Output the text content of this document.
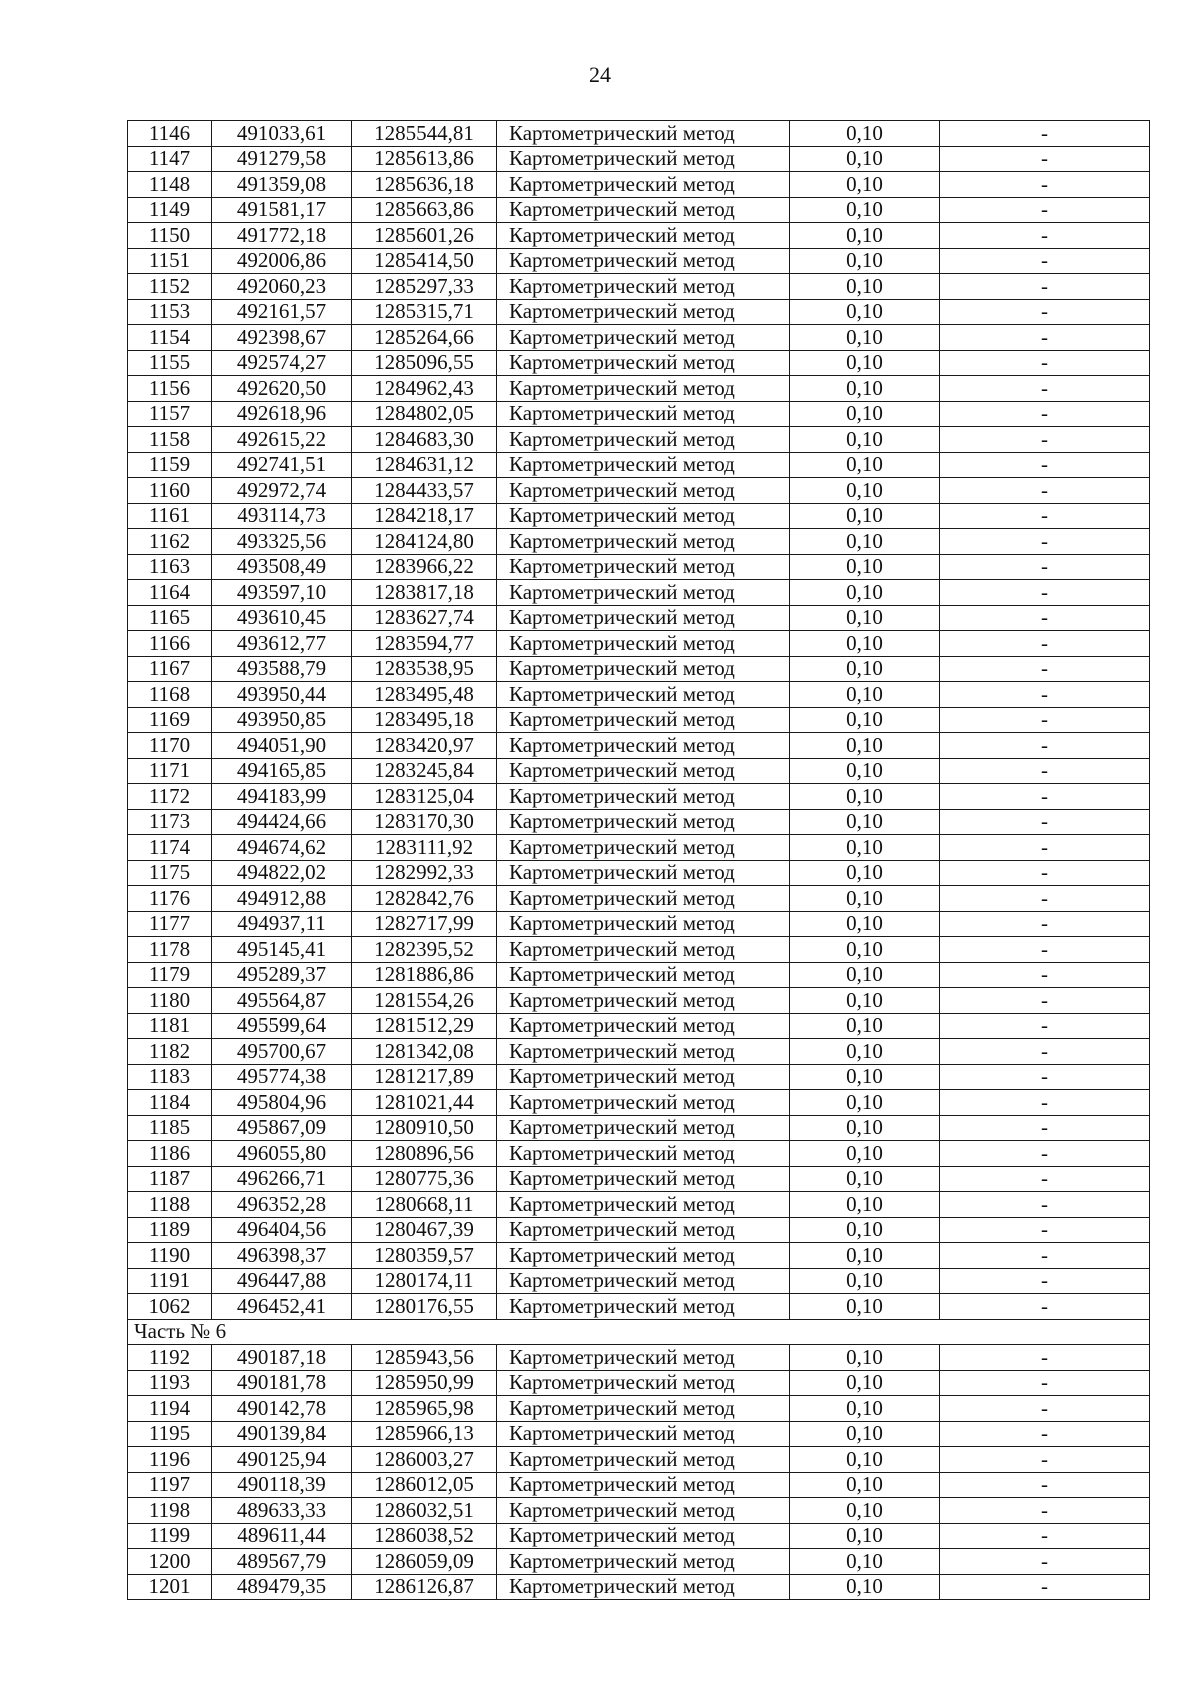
24
1146	491033,61	1285544,81	Картометрический метод	0,10	-
1147	491279,58	1285613,86	Картометрический метод	0,10	-
1148	491359,08	1285636,18	Картометрический метод	0,10	-
1149	491581,17	1285663,86	Картометрический метод	0,10	-
1150	491772,18	1285601,26	Картометрический метод	0,10	-
1151	492006,86	1285414,50	Картометрический метод	0,10	-
1152	492060,23	1285297,33	Картометрический метод	0,10	-
1153	492161,57	1285315,71	Картометрический метод	0,10	-
1154	492398,67	1285264,66	Картометрический метод	0,10	-
1155	492574,27	1285096,55	Картометрический метод	0,10	-
1156	492620,50	1284962,43	Картометрический метод	0,10	-
1157	492618,96	1284802,05	Картометрический метод	0,10	-
1158	492615,22	1284683,30	Картометрический метод	0,10	-
1159	492741,51	1284631,12	Картометрический метод	0,10	-
1160	492972,74	1284433,57	Картометрический метод	0,10	-
1161	493114,73	1284218,17	Картометрический метод	0,10	-
1162	493325,56	1284124,80	Картометрический метод	0,10	-
1163	493508,49	1283966,22	Картометрический метод	0,10	-
1164	493597,10	1283817,18	Картометрический метод	0,10	-
1165	493610,45	1283627,74	Картометрический метод	0,10	-
1166	493612,77	1283594,77	Картометрический метод	0,10	-
1167	493588,79	1283538,95	Картометрический метод	0,10	-
1168	493950,44	1283495,48	Картометрический метод	0,10	-
1169	493950,85	1283495,18	Картометрический метод	0,10	-
1170	494051,90	1283420,97	Картометрический метод	0,10	-
1171	494165,85	1283245,84	Картометрический метод	0,10	-
1172	494183,99	1283125,04	Картометрический метод	0,10	-
1173	494424,66	1283170,30	Картометрический метод	0,10	-
1174	494674,62	1283111,92	Картометрический метод	0,10	-
1175	494822,02	1282992,33	Картометрический метод	0,10	-
1176	494912,88	1282842,76	Картометрический метод	0,10	-
1177	494937,11	1282717,99	Картометрический метод	0,10	-
1178	495145,41	1282395,52	Картометрический метод	0,10	-
1179	495289,37	1281886,86	Картометрический метод	0,10	-
1180	495564,87	1281554,26	Картометрический метод	0,10	-
1181	495599,64	1281512,29	Картометрический метод	0,10	-
1182	495700,67	1281342,08	Картометрический метод	0,10	-
1183	495774,38	1281217,89	Картометрический метод	0,10	-
1184	495804,96	1281021,44	Картометрический метод	0,10	-
1185	495867,09	1280910,50	Картометрический метод	0,10	-
1186	496055,80	1280896,56	Картометрический метод	0,10	-
1187	496266,71	1280775,36	Картометрический метод	0,10	-
1188	496352,28	1280668,11	Картометрический метод	0,10	-
1189	496404,56	1280467,39	Картометрический метод	0,10	-
1190	496398,37	1280359,57	Картометрический метод	0,10	-
1191	496447,88	1280174,11	Картометрический метод	0,10	-
1062	496452,41	1280176,55	Картометрический метод	0,10	-
Часть № 6					
1192	490187,18	1285943,56	Картометрический метод	0,10	-
1193	490181,78	1285950,99	Картометрический метод	0,10	-
1194	490142,78	1285965,98	Картометрический метод	0,10	-
1195	490139,84	1285966,13	Картометрический метод	0,10	-
1196	490125,94	1286003,27	Картометрический метод	0,10	-
1197	490118,39	1286012,05	Картометрический метод	0,10	-
1198	489633,33	1286032,51	Картометрический метод	0,10	-
1199	489611,44	1286038,52	Картометрический метод	0,10	-
1200	489567,79	1286059,09	Картометрический метод	0,10	-
1201	489479,35	1286126,87	Картометрический метод	0,10	-
